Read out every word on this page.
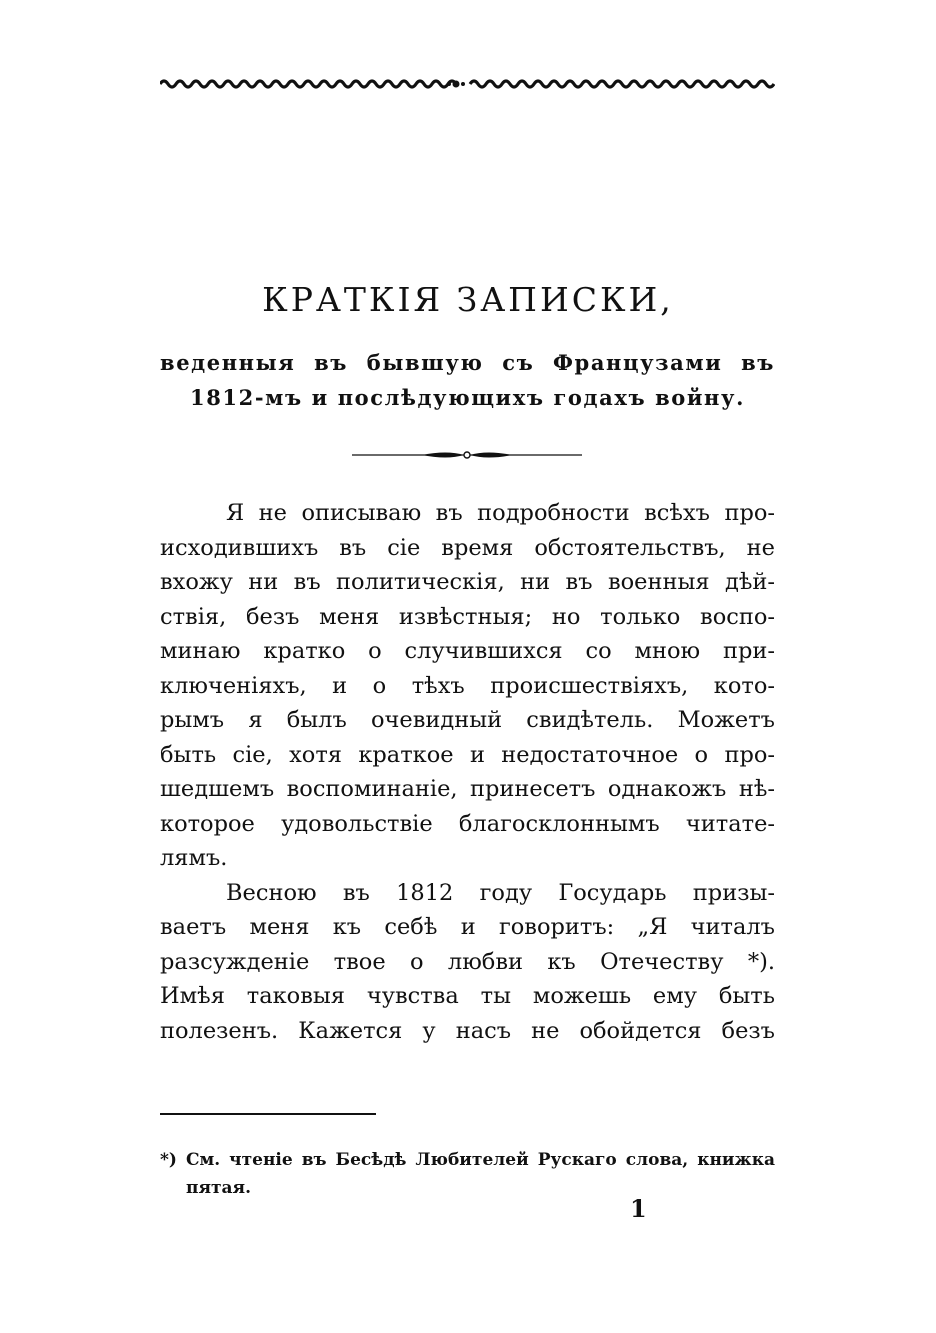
КРАТКІЯ ЗАПИСКИ,
веденныя въ бывшую съ Французами въ
1812-мъ и послѣдующихъ годахъ войну.
Я не описываю въ подробности всѣхъ про-
исходившихъ въ сіе время обстоятельствъ, не
вхожу ни въ политическія, ни въ военныя дѣй-
ствія, безъ меня извѣстныя; но только воспо-
минаю кратко о случившихся со мною при-
ключеніяхъ, и о тѣхъ происшествіяхъ, кото-
рымъ я былъ очевидный свидѣтель. Можетъ
быть сіе, хотя краткое и недостаточное о про-
шедшемъ воспоминаніе, принесетъ однакожъ нѣ-
которое удовольствіе благосклоннымъ читате-
лямъ.
Весною въ 1812 году Государь призы-
ваетъ меня къ себѣ и говоритъ: „Я читалъ
разсужденіе твое о любви къ Отечеству *).
Имѣя таковыя чувства ты можешь ему быть
полезенъ. Кажется у насъ не обойдется безъ
*) См. чтеніе въ Бесѣдѣ Любителей Рускаго слова, книжка
пятая.
1
